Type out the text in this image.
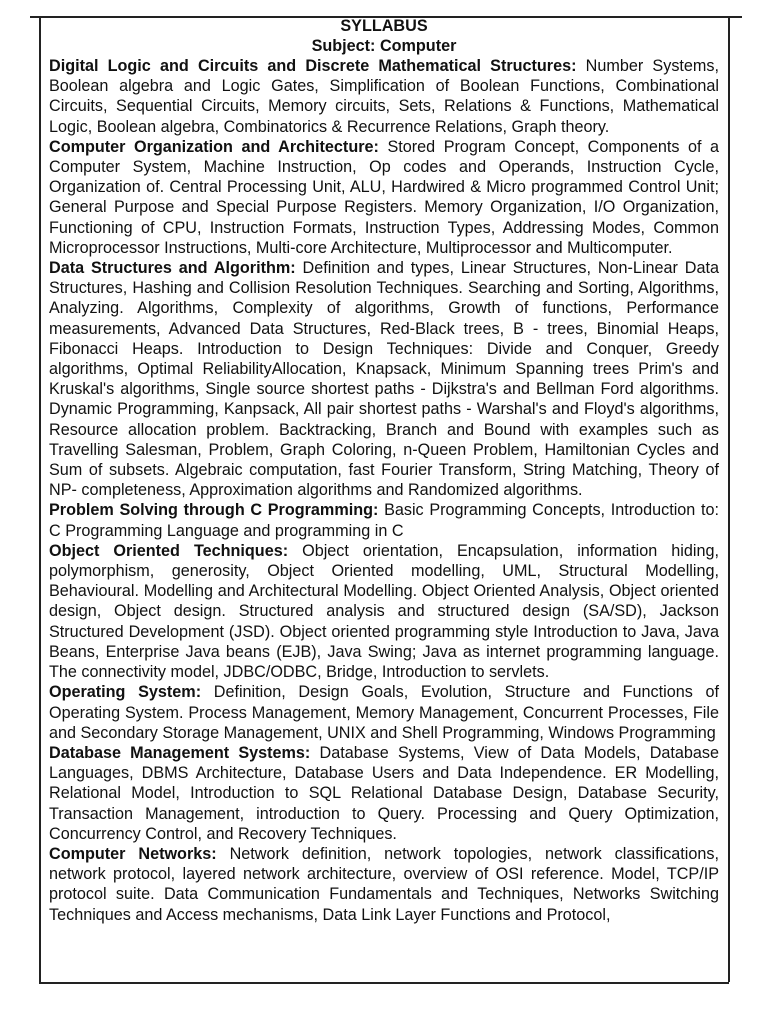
SYLLABUS
Subject: Computer

Digital Logic and Circuits and Discrete Mathematical Structures: Number Systems, Boolean algebra and Logic Gates, Simplification of Boolean Functions, Combinational Circuits, Sequential Circuits, Memory circuits, Sets, Relations & Functions, Mathematical Logic, Boolean algebra, Combinatorics & Recurrence Relations, Graph theory.

Computer Organization and Architecture: Stored Program Concept, Components of a Computer System, Machine Instruction, Op codes and Operands, Instruction Cycle, Organization of. Central Processing Unit, ALU, Hardwired & Micro programmed Control Unit; General Purpose and Special Purpose Registers. Memory Organization, I/O Organization, Functioning of CPU, Instruction Formats, Instruction Types, Addressing Modes, Common Microprocessor Instructions, Multi-core Architecture, Multiprocessor and Multicomputer.

Data Structures and Algorithm: Definition and types, Linear Structures, Non-Linear Data Structures, Hashing and Collision Resolution Techniques. Searching and Sorting, Algorithms, Analyzing. Algorithms, Complexity of algorithms, Growth of functions, Performance measurements, Advanced Data Structures, Red-Black trees, B - trees, Binomial Heaps, Fibonacci Heaps. Introduction to Design Techniques: Divide and Conquer, Greedy algorithms, Optimal ReliabilityAllocation, Knapsack, Minimum Spanning trees Prim's and Kruskal's algorithms, Single source shortest paths - Dijkstra's and Bellman Ford algorithms. Dynamic Programming, Kanpsack, All pair shortest paths - Warshal's and Floyd's algorithms, Resource allocation problem. Backtracking, Branch and Bound with examples such as Travelling Salesman, Problem, Graph Coloring, n-Queen Problem, Hamiltonian Cycles and Sum of subsets. Algebraic computation, fast Fourier Transform, String Matching, Theory of NP- completeness, Approximation algorithms and Randomized algorithms.

Problem Solving through C Programming: Basic Programming Concepts, Introduction to: C Programming Language and programming in C

Object Oriented Techniques: Object orientation, Encapsulation, information hiding, polymorphism, generosity, Object Oriented modelling, UML, Structural Modelling, Behavioural. Modelling and Architectural Modelling. Object Oriented Analysis, Object oriented design, Object design. Structured analysis and structured design (SA/SD), Jackson Structured Development (JSD). Object oriented programming style Introduction to Java, Java Beans, Enterprise Java beans (EJB), Java Swing; Java as internet programming language. The connectivity model, JDBC/ODBC, Bridge, Introduction to servlets.

Operating System: Definition, Design Goals, Evolution, Structure and Functions of Operating System. Process Management, Memory Management, Concurrent Processes, File and Secondary Storage Management, UNIX and Shell Programming, Windows Programming

Database Management Systems: Database Systems, View of Data Models, Database Languages, DBMS Architecture, Database Users and Data Independence. ER Modelling, Relational Model, Introduction to SQL Relational Database Design, Database Security, Transaction Management, introduction to Query. Processing and Query Optimization, Concurrency Control, and Recovery Techniques.

Computer Networks: Network definition, network topologies, network classifications, network protocol, layered network architecture, overview of OSI reference. Model, TCP/IP protocol suite. Data Communication Fundamentals and Techniques, Networks Switching Techniques and Access mechanisms, Data Link Layer Functions and Protocol,
